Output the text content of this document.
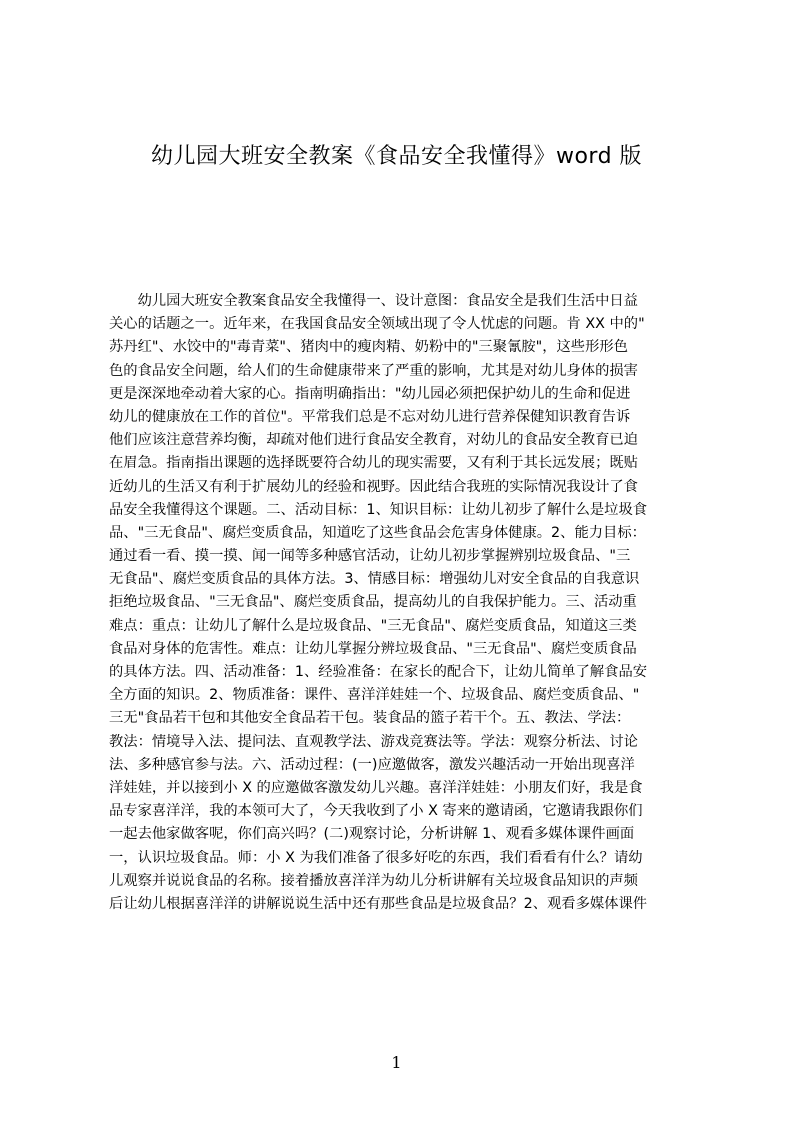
幼儿园大班安全教案《食品安全我懂得》word 版
　　幼儿园大班安全教案食品安全我懂得一、设计意图：食品安全是我们生活中日益
关心的话题之一。近年来，在我国食品安全领域出现了令人忧虑的问题。肯 XX 中的"
苏丹红"、水饺中的"毒青菜"、猪肉中的瘦肉精、奶粉中的"三聚氰胺"，这些形形色
色的食品安全问题，给人们的生命健康带来了严重的影响，尤其是对幼儿身体的损害
更是深深地牵动着大家的心。指南明确指出："幼儿园必须把保护幼儿的生命和促进
幼儿的健康放在工作的首位"。平常我们总是不忘对幼儿进行营养保健知识教育告诉
他们应该注意营养均衡，却疏对他们进行食品安全教育，对幼儿的食品安全教育已迫
在眉急。指南指出课题的选择既要符合幼儿的现实需要，又有利于其长远发展；既贴
近幼儿的生活又有利于扩展幼儿的经验和视野。因此结合我班的实际情况我设计了食
品安全我懂得这个课题。二、活动目标：1、知识目标：让幼儿初步了解什么是垃圾食
品、"三无食品"、腐烂变质食品，知道吃了这些食品会危害身体健康。2、能力目标：
通过看一看、摸一摸、闻一闻等多种感官活动，让幼儿初步掌握辨别垃圾食品、"三
无食品"、腐烂变质食品的具体方法。3、情感目标：增强幼儿对安全食品的自我意识
拒绝垃圾食品、"三无食品"、腐烂变质食品，提高幼儿的自我保护能力。三、活动重
难点：重点：让幼儿了解什么是垃圾食品、"三无食品"、腐烂变质食品，知道这三类
食品对身体的危害性。难点：让幼儿掌握分辨垃圾食品、"三无食品"、腐烂变质食品
的具体方法。四、活动准备：1、经验准备：在家长的配合下，让幼儿简单了解食品安
全方面的知识。2、物质准备：课件、喜洋洋娃娃一个、垃圾食品、腐烂变质食品、"
三无"食品若干包和其他安全食品若干包。装食品的篮子若干个。五、教法、学法：
教法：情境导入法、提问法、直观教学法、游戏竞赛法等。学法：观察分析法、讨论
法、多种感官参与法。六、活动过程：(一)应邀做客，激发兴趣活动一开始出现喜洋
洋娃娃，并以接到小 X 的应邀做客激发幼儿兴趣。喜洋洋娃娃：小朋友们好，我是食
品专家喜洋洋，我的本领可大了，今天我收到了小 X 寄来的邀请函，它邀请我跟你们
一起去他家做客呢，你们高兴吗？(二)观察讨论，分析讲解 1、观看多媒体课件画面
一，认识垃圾食品。师：小 X 为我们准备了很多好吃的东西，我们看看有什么？请幼
儿观察并说说食品的名称。接着播放喜洋洋为幼儿分析讲解有关垃圾食品知识的声频
后让幼儿根据喜洋洋的讲解说说生活中还有那些食品是垃圾食品？2、观看多媒体课件
1
